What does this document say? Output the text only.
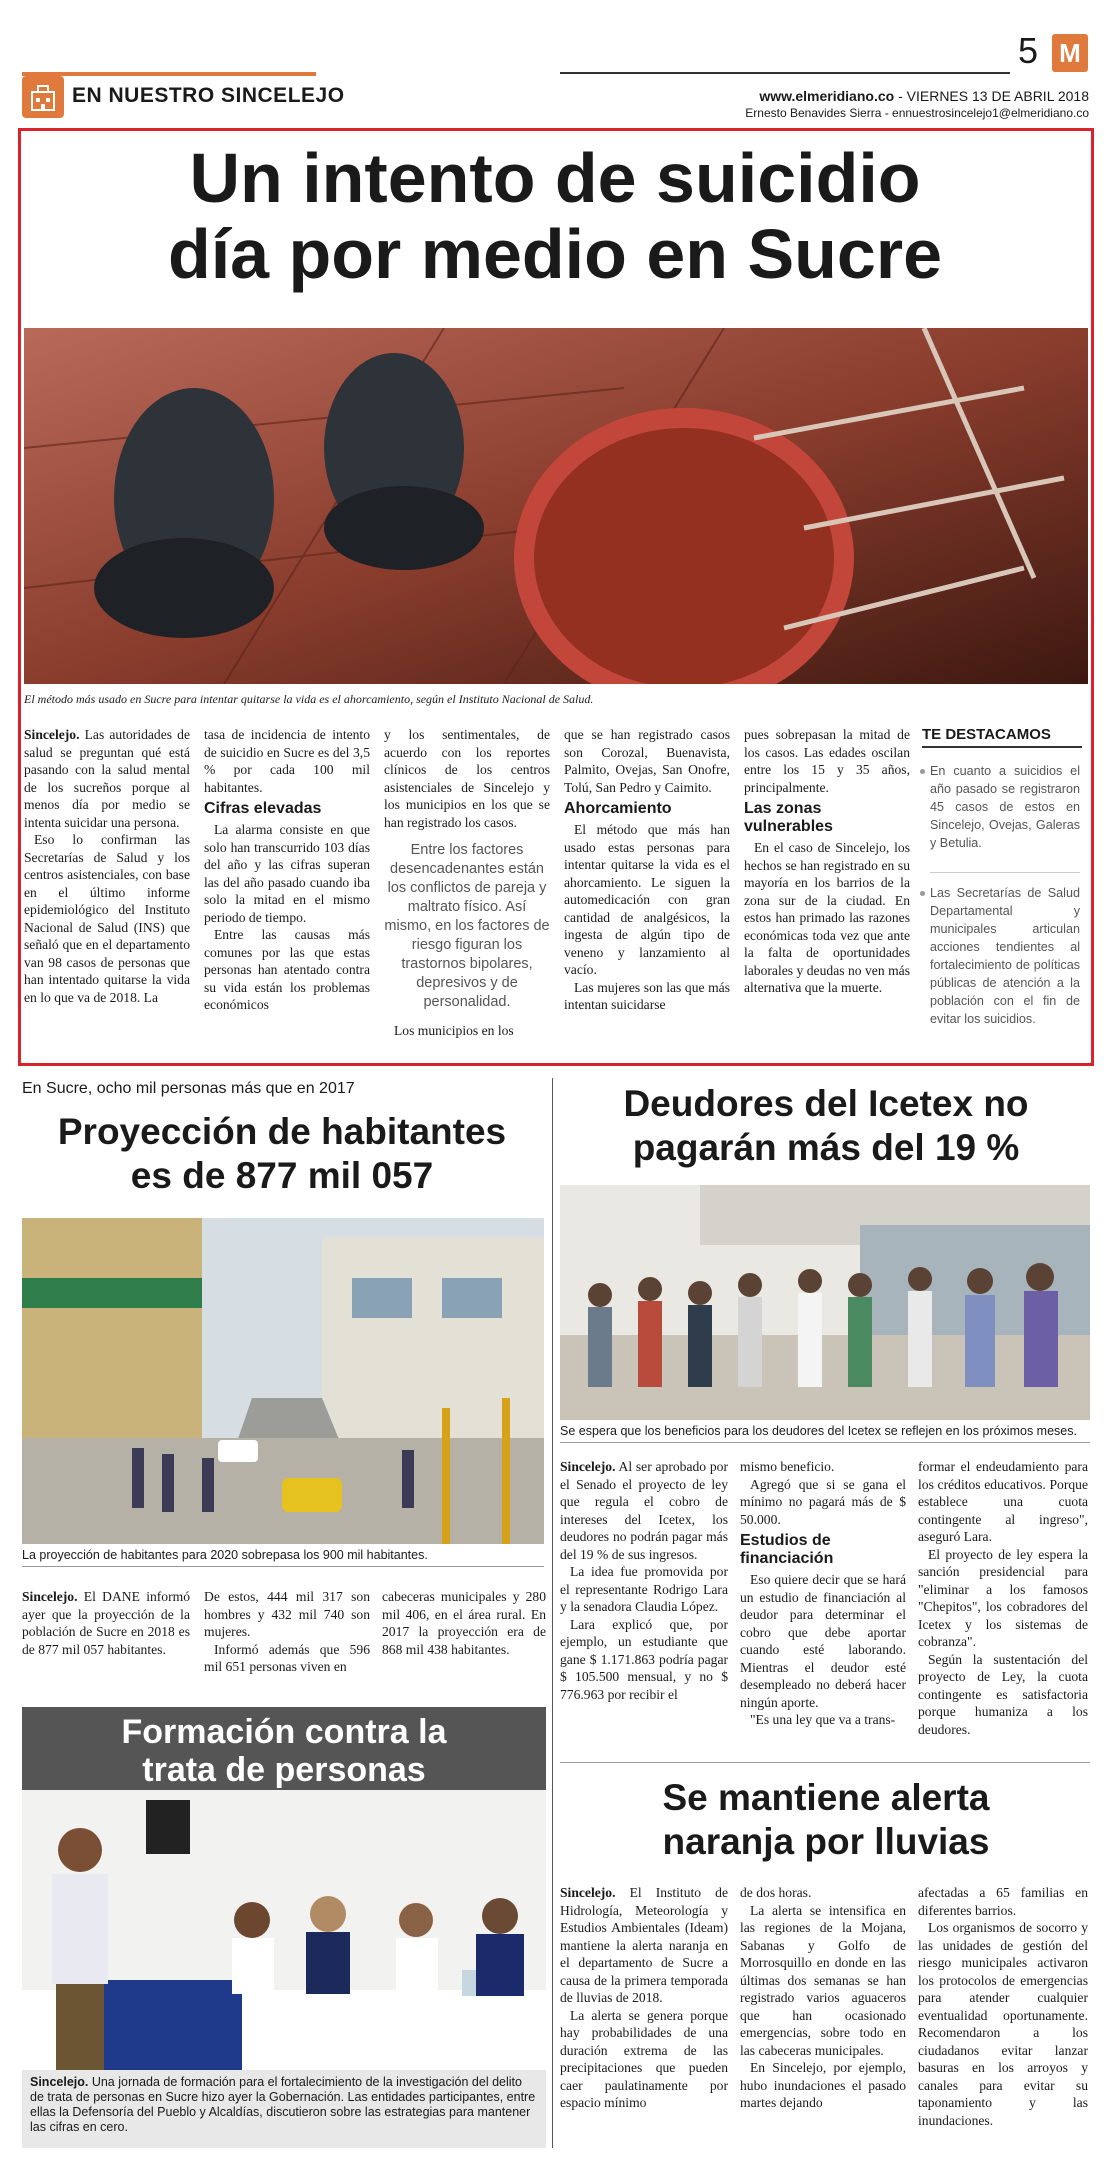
EN NUESTRO SINCELEJO
5 M
www.elmeridiano.co - VIERNES 13 DE ABRIL 2018
Ernesto Benavides Sierra - ennuestrosincelejo1@elmeridiano.co
Un intento de suicidio
día por medio en Sucre
El método más usado en Sucre para intentar quitarse la vida es el ahorcamiento, según el Instituto Nacional de Salud.

Sincelejo. Las autoridades de salud se preguntan qué está pasando con la salud mental de los sucreños porque al menos día por medio se intenta suicidar una persona.

Eso lo confirman las Secretarías de Salud y los centros asistenciales, con base en el último informe epidemiológico del Instituto Nacional de Salud (INS) que señaló que en el departamento van 98 casos de personas que han intentado quitarse la vida en lo que va de 2018. La

tasa de incidencia de intento de suicidio en Sucre es del 3,5 % por cada 100 mil habitantes.

Cifras elevadas

La alarma consiste en que solo han transcurrido 103 días del año y las cifras superan las del año pasado cuando iba solo la mitad en el mismo periodo de tiempo.

Entre las causas más comunes por las que estas personas han atentado contra su vida están los problemas económicos

y los sentimentales, de acuerdo con los reportes clínicos de los centros asistenciales de Sincelejo y los municipios en los que se han registrado los casos.

Entre los factores desencadenantes están los conflictos de pareja y maltrato físico. Así mismo, en los factores de riesgo figuran los trastornos bipolares, depresivos y de personalidad.

Los municipios en los

que se han registrado casos son Corozal, Buenavista, Palmito, Ovejas, San Onofre, Tolú, San Pedro y Caimito.

Ahorcamiento

El método que más han usado estas personas para intentar quitarse la vida es el ahorcamiento. Le siguen la automedicación con gran cantidad de analgésicos, la ingesta de algún tipo de veneno y lanzamiento al vacío.

Las mujeres son las que más intentan suicidarse

pues sobrepasan la mitad de los casos. Las edades oscilan entre los 15 y 35 años, principalmente.

Las zonas vulnerables

En el caso de Sincelejo, los hechos se han registrado en su mayoría en los barrios de la zona sur de la ciudad. En estos han primado las razones económicas toda vez que ante la falta de oportunidades laborales y deudas no ven más alternativa que la muerte.

TE DESTACAMOS
En cuanto a suicidios el año pasado se registraron 45 casos de estos en Sincelejo, Ovejas, Galeras y Betulia.
Las Secretarías de Salud Departamental y municipales articulan acciones tendientes al fortalecimiento de políticas públicas de atención a la población con el fin de evitar los suicidios.
En Sucre, ocho mil personas más que en 2017
Proyección de habitantes
es de 877 mil 057
La proyección de habitantes para 2020 sobrepasa los 900 mil habitantes.

Sincelejo. El DANE informó ayer que la proyección de la población de Sucre en 2018 es de 877 mil 057 habitantes.

De estos, 444 mil 317 son hombres y 432 mil 740 son mujeres.

Informó además que 596 mil 651 personas viven en

cabeceras municipales y 280 mil 406, en el área rural. En 2017 la proyección era de 868 mil 438 habitantes.

Formación contra la
trata de personas
Sincelejo. Una jornada de formación para el fortalecimiento de la investigación del delito de trata de personas en Sucre hizo ayer la Gobernación. Las entidades participantes, entre ellas la Defensoría del Pueblo y Alcaldías, discutieron sobre las estrategias para mantener las cifras en cero.
Deudores del Icetex no
pagarán más del 19 %
Se espera que los beneficios para los deudores del Icetex se reflejen en los próximos meses.

Sincelejo. Al ser aprobado por el Senado el proyecto de ley que regula el cobro de intereses del Icetex, los deudores no podrán pagar más del 19 % de sus ingresos.

La idea fue promovida por el representante Rodrigo Lara y la senadora Claudia López.

Lara explicó que, por ejemplo, un estudiante que gane $ 1.171.863 podría pagar $ 105.500 mensual, y no $ 776.963 por recibir el

mismo beneficio.

Agregó que si se gana el mínimo no pagará más de $ 50.000.

Estudios de financiación

Eso quiere decir que se hará un estudio de financiación al deudor para determinar el cobro que debe aportar cuando esté laborando. Mientras el deudor esté desempleado no deberá hacer ningún aporte.

"Es una ley que va a trans-

formar el endeudamiento para los créditos educativos. Porque establece una cuota contingente al ingreso", aseguró Lara.

El proyecto de ley espera la sanción presidencial para "eliminar a los famosos "Chepitos", los cobradores del Icetex y los sistemas de cobranza".

Según la sustentación del proyecto de Ley, la cuota contingente es satisfactoria porque humaniza a los deudores.

Se mantiene alerta
naranja por lluvias

Sincelejo. El Instituto de Hidrología, Meteorología y Estudios Ambientales (Ideam) mantiene la alerta naranja en el departamento de Sucre a causa de la primera temporada de lluvias de 2018.

La alerta se genera porque hay probabilidades de una duración extrema de las precipitaciones que pueden caer paulatinamente por espacio mínimo

de dos horas.

La alerta se intensifica en las regiones de la Mojana, Sabanas y Golfo de Morrosquillo en donde en las últimas dos semanas se han registrado varios aguaceros que han ocasionado emergencias, sobre todo en las cabeceras municipales.

En Sincelejo, por ejemplo, hubo inundaciones el pasado martes dejando

afectadas a 65 familias en diferentes barrios.

Los organismos de socorro y las unidades de gestión del riesgo municipales activaron los protocolos de emergencias para atender cualquier eventualidad oportunamente. Recomendaron a los ciudadanos evitar lanzar basuras en los arroyos y canales para evitar su taponamiento y las inundaciones.
